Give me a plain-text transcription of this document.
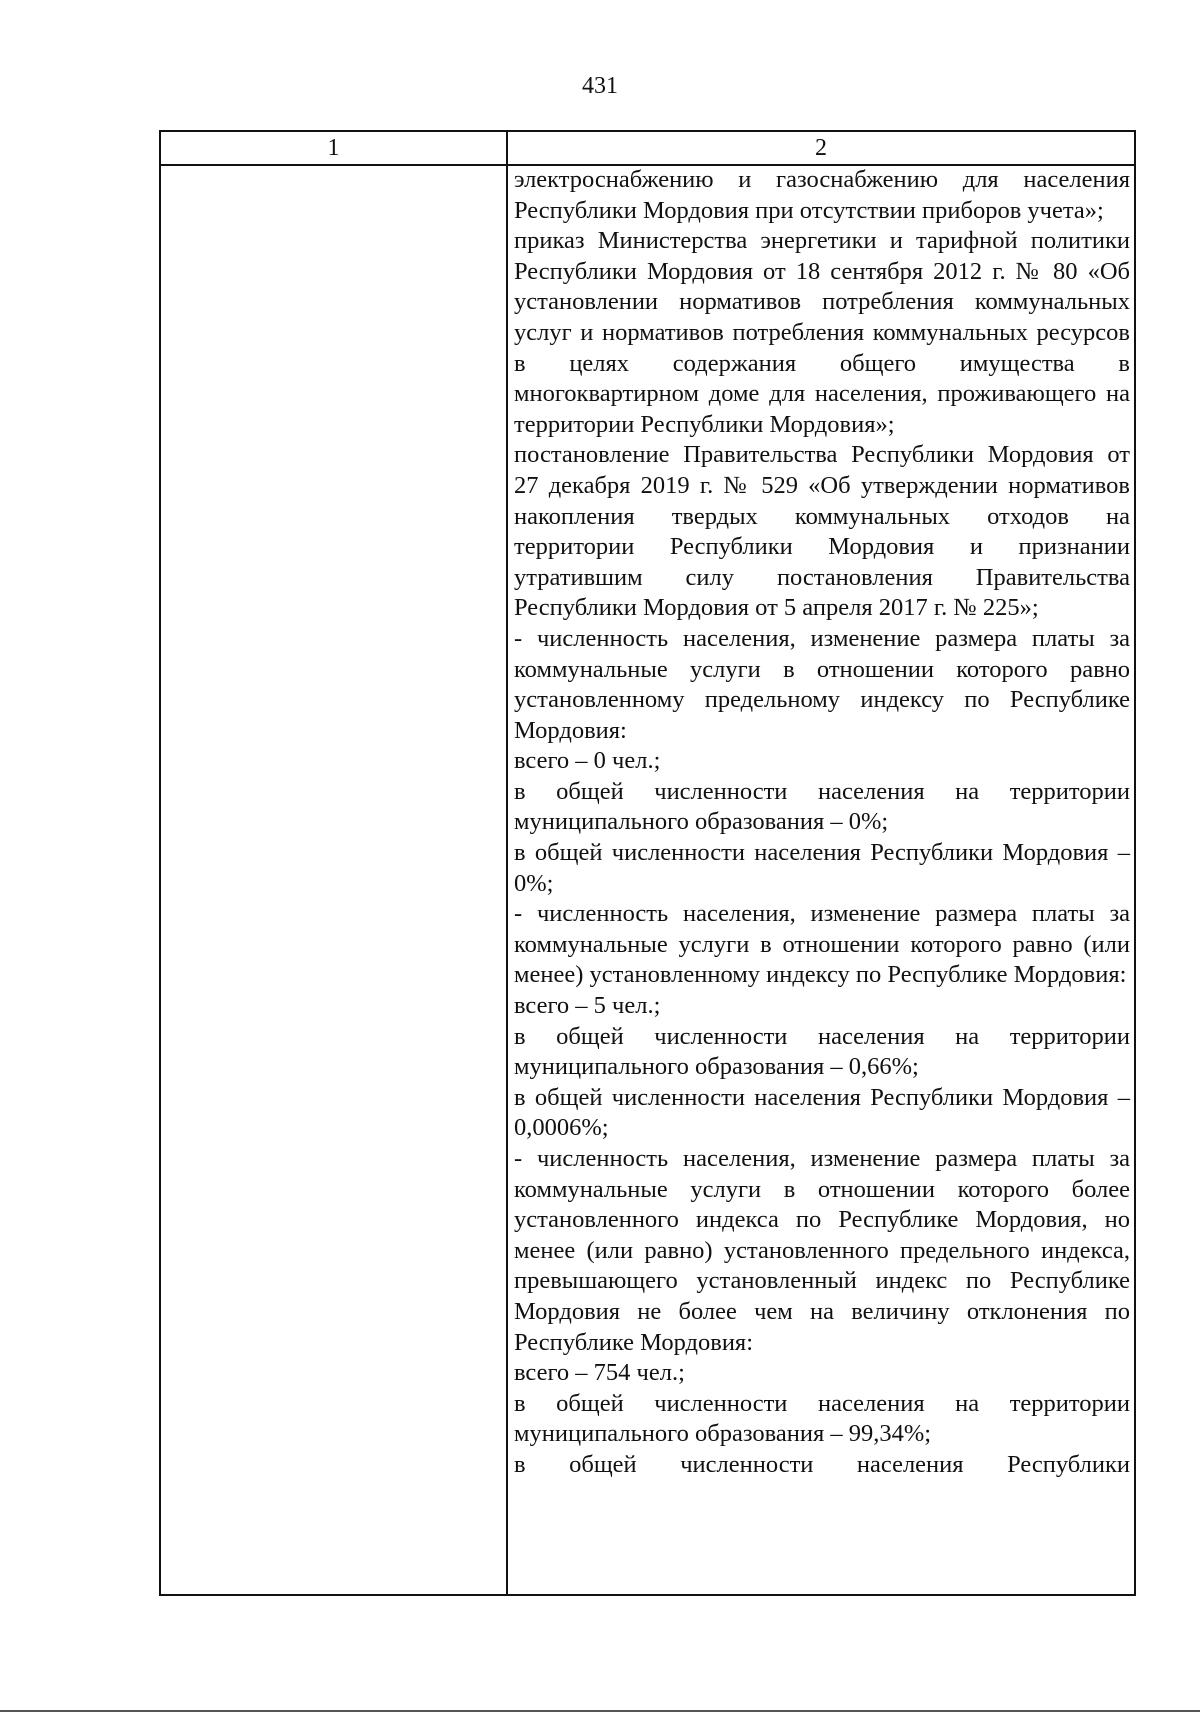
431
1	2

электроснабжению и газоснабжению для населения Республики Мордовия при отсутствии приборов учета»;

приказ Министерства энергетики и тарифной политики Республики Мордовия от 18 сентября 2012 г. № 80 «Об установлении нормативов потребления коммунальных услуг и нормативов потребления коммунальных ресурсов в целях содержания общего имущества в многоквартирном доме для населения, проживающего на территории Республики Мордовия»;

постановление Правительства Республики Мордовия от 27 декабря 2019 г. № 529 «Об утверждении нормативов накопления твердых коммунальных отходов на территории Республики Мордовия и признании утратившим силу постановления Правительства Республики Мордовия от 5 апреля 2017 г. № 225»;

- численность населения, изменение размера платы за коммунальные услуги в отношении которого равно установленному предельному индексу по Республике Мордовия:

всего – 0 чел.;

в общей численности населения на территории муниципального образования – 0%;

в общей численности населения Республики Мордовия – 0%;

- численность населения, изменение размера платы за коммунальные услуги в отношении которого равно (или менее) установленному индексу по Республике Мордовия:

всего – 5 чел.;

в общей численности населения на территории муниципального образования – 0,66%;

в общей численности населения Республики Мордовия – 0,0006%;

- численность населения, изменение размера платы за коммунальные услуги в отношении которого более установленного индекса по Республике Мордовия, но менее (или равно) установленного предельного индекса, превышающего установленный индекс по Республике Мордовия не более чем на величину отклонения по Республике Мордовия:

всего – 754 чел.;

в общей численности населения на территории муниципального образования – 99,34%;

в общей численности населения Республики
